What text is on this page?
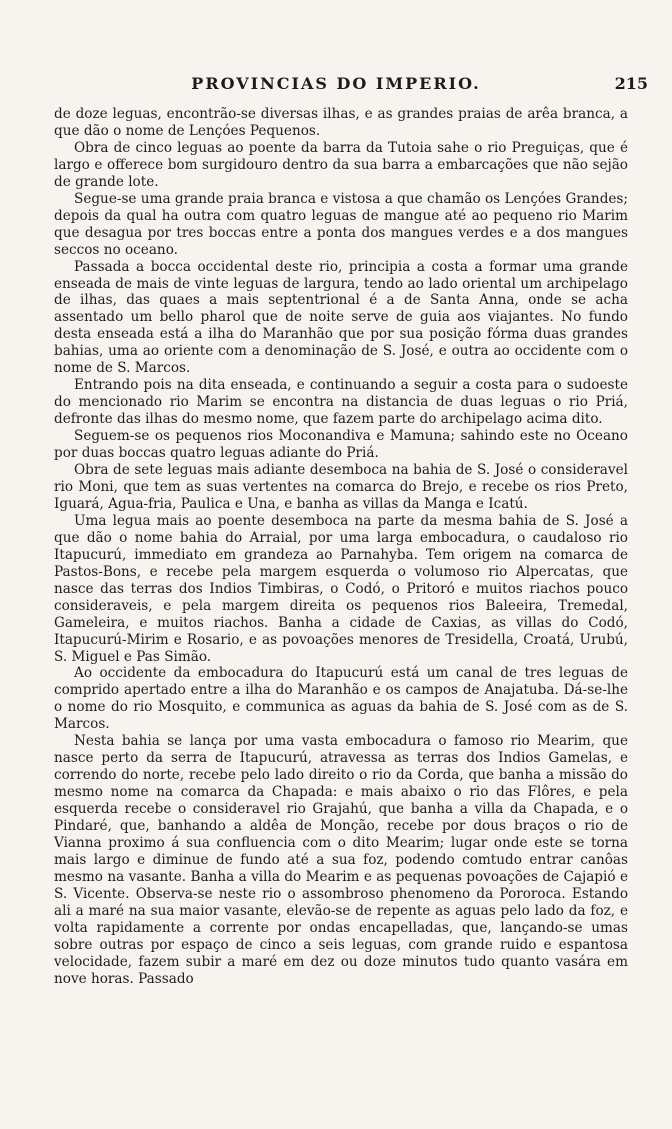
PROVINCIAS DO IMPERIO.	215

de doze leguas, encontrão-se diversas ilhas, e as grandes praias de arêa branca, a que dão o nome de Lençóes Pequenos.

Obra de cinco leguas ao poente da barra da Tutoia sahe o rio Preguiças, que é largo e offerece bom surgidouro dentro da sua barra a embarcações que não sejão de grande lote.

Segue-se uma grande praia branca e vistosa a que chamão os Lençóes Grandes; depois da qual ha outra com quatro leguas de mangue até ao pequeno rio Marim que desagua por tres boccas entre a ponta dos mangues verdes e a dos mangues seccos no oceano.

Passada a bocca occidental deste rio, principia a costa a formar uma grande enseada de mais de vinte leguas de largura, tendo ao lado oriental um archipelago de ilhas, das quaes a mais septentrional é a de Santa Anna, onde se acha assentado um bello pharol que de noite serve de guia aos viajantes. No fundo desta enseada está a ilha do Maranhão que por sua posição fórma duas grandes bahias, uma ao oriente com a denominação de S. José, e outra ao occidente com o nome de S. Marcos.

Entrando pois na dita enseada, e continuando a seguir a costa para o sudoeste do mencionado rio Marim se encontra na distancia de duas leguas o rio Priá, defronte das ilhas do mesmo nome, que fazem parte do archipelago acima dito.

Seguem-se os pequenos rios Moconandiva e Mamuna; sahindo este no Oceano por duas boccas quatro leguas adiante do Priá.

Obra de sete leguas mais adiante desemboca na bahia de S. José o consideravel rio Moni, que tem as suas vertentes na comarca do Brejo, e recebe os rios Preto, Iguará, Agua-fria, Paulica e Una, e banha as villas da Manga e Icatú.

Uma legua mais ao poente desemboca na parte da mesma bahia de S. José a que dão o nome bahia do Arraial, por uma larga embocadura, o caudaloso rio Itapucurú, immediato em grandeza ao Parnahyba. Tem origem na comarca de Pastos-Bons, e recebe pela margem esquerda o volumoso rio Alpercatas, que nasce das terras dos Indios Timbiras, o Codó, o Pritoró e muitos riachos pouco consideraveis, e pela margem direita os pequenos rios Baleeira, Tremedal, Gameleira, e muitos riachos. Banha a cidade de Caxias, as villas do Codó, Itapucurú-Mirim e Rosario, e as povoações menores de Tresidella, Croatá, Urubú, S. Miguel e Pas Simão.

Ao occidente da embocadura do Itapucurú está um canal de tres leguas de comprido apertado entre a ilha do Maranhão e os campos de Anajatuba. Dá-se-lhe o nome do rio Mosquito, e communica as aguas da bahia de S. José com as de S. Marcos.

Nesta bahia se lança por uma vasta embocadura o famoso rio Mearim, que nasce perto da serra de Itapucurú, atravessa as terras dos Indios Gamelas, e correndo do norte, recebe pelo lado direito o rio da Corda, que banha a missão do mesmo nome na comarca da Chapada: e mais abaixo o rio das Flôres, e pela esquerda recebe o consideravel rio Grajahú, que banha a villa da Chapada, e o Pindaré, que, banhando a aldêa de Monção, recebe por dous braços o rio de Vianna proximo á sua confluencia com o dito Mearim; lugar onde este se torna mais largo e diminue de fundo até a sua foz, podendo comtudo entrar canôas mesmo na vasante. Banha a villa do Mearim e as pequenas povoações de Cajapió e S. Vicente. Observa-se neste rio o assombroso phenomeno da Pororoca. Estando ali a maré na sua maior vasante, elevão-se de repente as aguas pelo lado da foz, e volta rapidamente a corrente por ondas encapelladas, que, lançando-se umas sobre outras por espaço de cinco a seis leguas, com grande ruido e espantosa velocidade, fazem subir a maré em dez ou doze minutos tudo quanto vasára em nove horas. Passado
